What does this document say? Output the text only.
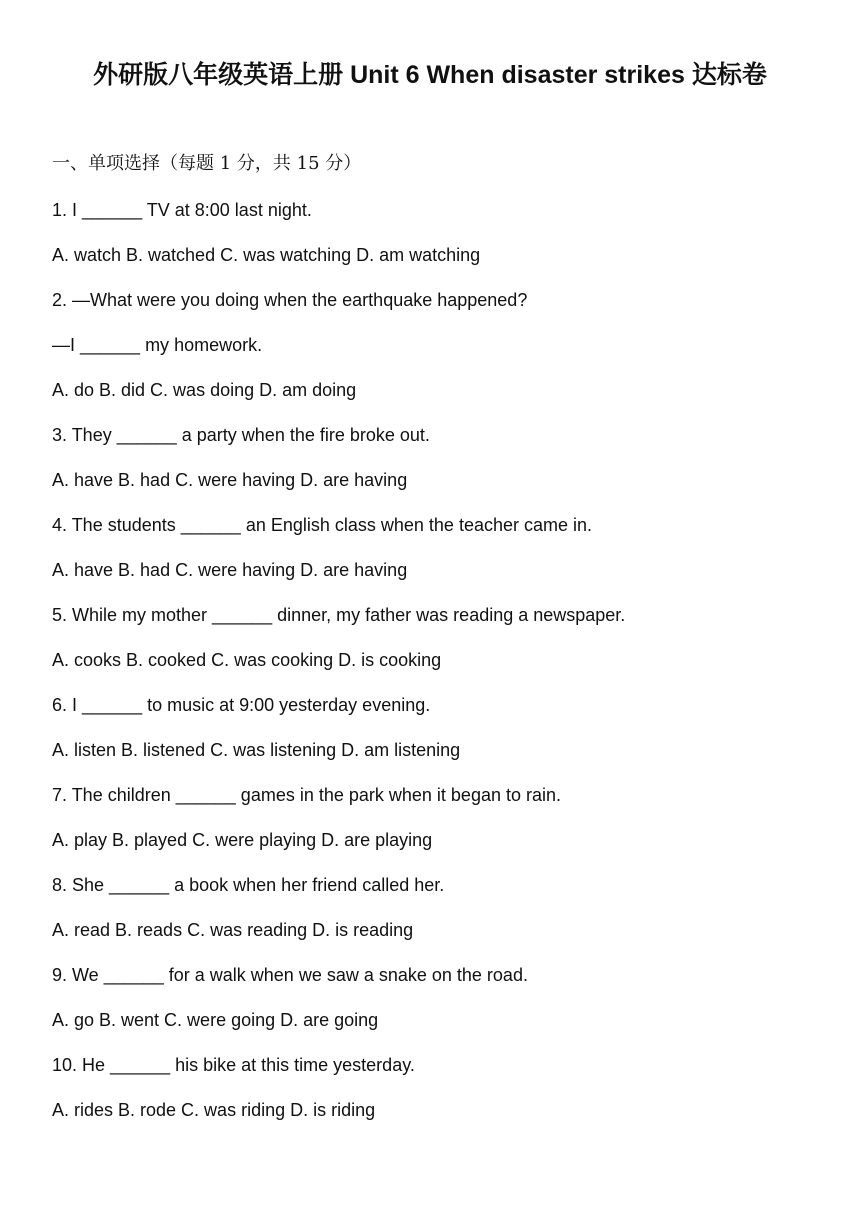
外研版八年级英语上册 Unit 6 When disaster strikes 达标卷
一、单项选择（每题 1 分，共 15 分）
1. I ______ TV at 8:00 last night.
A. watch B. watched C. was watching D. am watching
2. —What were you doing when the earthquake happened?
—I ______ my homework.
A. do B. did C. was doing D. am doing
3. They ______ a party when the fire broke out.
A. have B. had C. were having D. are having
4. The students ______ an English class when the teacher came in.
A. have B. had C. were having D. are having
5. While my mother ______ dinner, my father was reading a newspaper.
A. cooks B. cooked C. was cooking D. is cooking
6. I ______ to music at 9:00 yesterday evening.
A. listen B. listened C. was listening D. am listening
7. The children ______ games in the park when it began to rain.
A. play B. played C. were playing D. are playing
8. She ______ a book when her friend called her.
A. read B. reads C. was reading D. is reading
9. We ______ for a walk when we saw a snake on the road.
A. go B. went C. were going D. are going
10. He ______ his bike at this time yesterday.
A. rides B. rode C. was riding D. is riding
